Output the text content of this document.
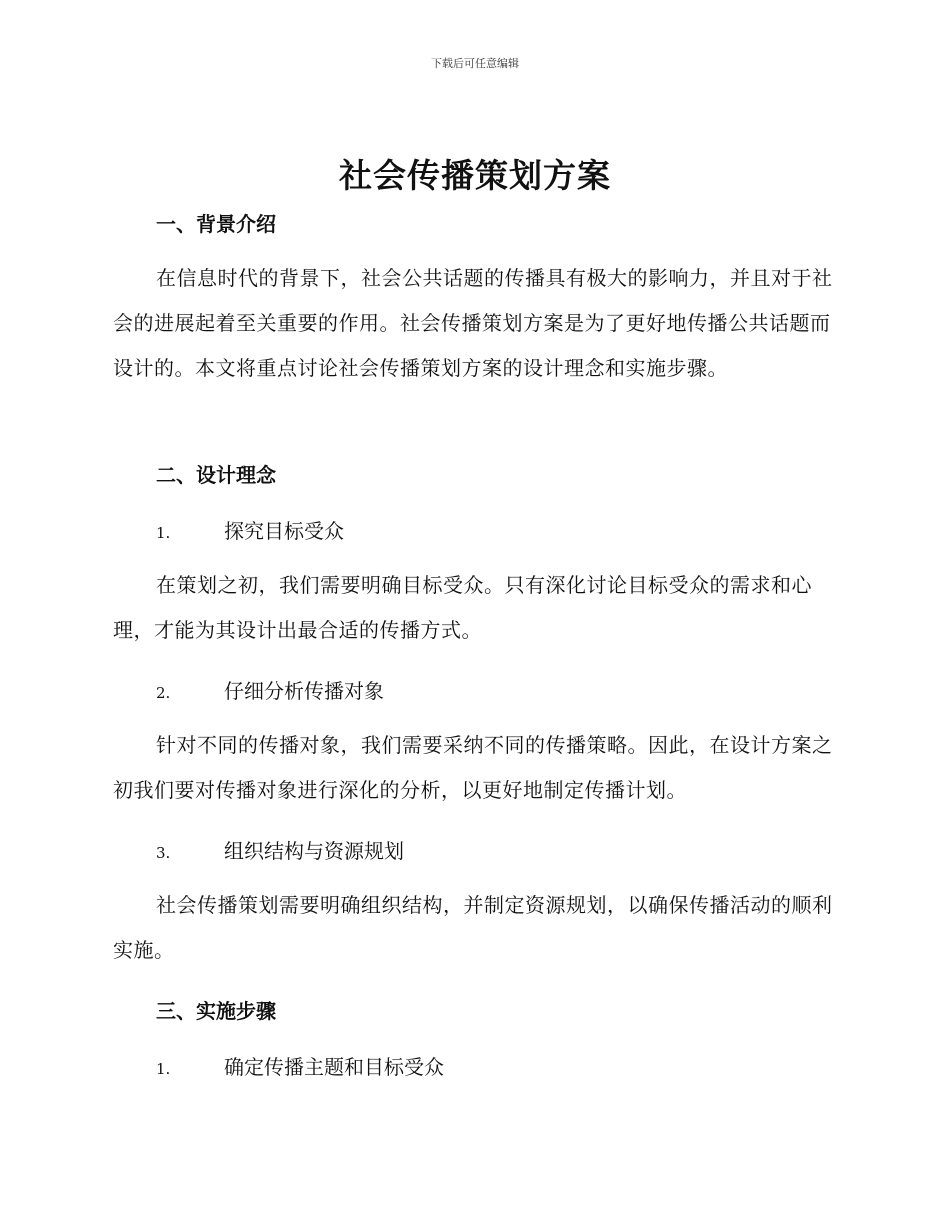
下载后可任意编辑
社会传播策划方案
一、背景介绍
在信息时代的背景下，社会公共话题的传播具有极大的影响力，并且对于社会的进展起着至关重要的作用。社会传播策划方案是为了更好地传播公共话题而设计的。本文将重点讨论社会传播策划方案的设计理念和实施步骤。
二、设计理念
1.	探究目标受众
在策划之初，我们需要明确目标受众。只有深化讨论目标受众的需求和心理，才能为其设计出最合适的传播方式。
2.	仔细分析传播对象
针对不同的传播对象，我们需要采纳不同的传播策略。因此，在设计方案之初我们要对传播对象进行深化的分析，以更好地制定传播计划。
3.	组织结构与资源规划
社会传播策划需要明确组织结构，并制定资源规划，以确保传播活动的顺利实施。
三、实施步骤
1.	确定传播主题和目标受众
